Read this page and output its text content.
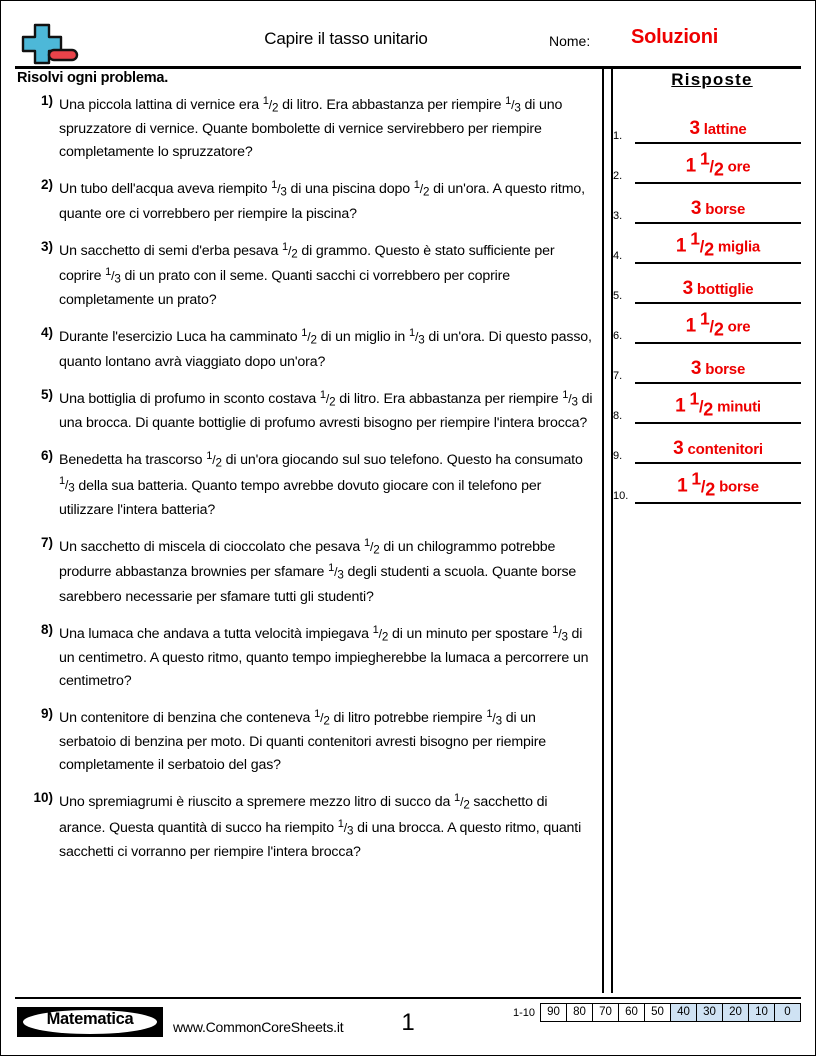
Capire il tasso unitario	Nome: Soluzioni
Risolvi ogni problema.	Risposte
1) Una piccola lattina di vernice era $^1$/2 di litro. Era abbastanza per riempire $^1$/3 di uno spruzzatore di vernice. Quante bombolette di vernice servirebbero per riempire completamente lo spruzzatore?
2) Un tubo dell'acqua aveva riempito $^1$/3 di una piscina dopo $^1$/2 di un'ora. A questo ritmo, quante ore ci vorrebbero per riempire la piscina?
3) Un sacchetto di semi d'erba pesava $^1$/2 di grammo. Questo è stato sufficiente per coprire $^1$/3 di un prato con il seme. Quanti sacchi ci vorrebbero per coprire completamente un prato?
4) Durante l'esercizio Luca ha camminato $^1$/2 di un miglio in $^1$/3 di un'ora. Di questo passo, quanto lontano avrà viaggiato dopo un'ora?
5) Una bottiglia di profumo in sconto costava $^1$/2 di litro. Era abbastanza per riempire $^1$/3 di una brocca. Di quante bottiglie di profumo avresti bisogno per riempire l'intera brocca?
6) Benedetta ha trascorso $^1$/2 di un'ora giocando sul suo telefono. Questo ha consumato $^1$/3 della sua batteria. Quanto tempo avrebbe dovuto giocare con il telefono per utilizzare l'intera batteria?
7) Un sacchetto di miscela di cioccolato che pesava $^1$/2 di un chilogrammo potrebbe produrre abbastanza brownies per sfamare $^1$/3 degli studenti a scuola. Quante borse sarebbero necessarie per sfamare tutti gli studenti?
8) Una lumaca che andava a tutta velocità impiegava $^1$/2 di un minuto per spostare $^1$/3 di un centimetro. A questo ritmo, quanto tempo impiegherebbe la lumaca a percorrere un centimetro?
9) Un contenitore di benzina che conteneva $^1$/2 di litro potrebbe riempire $^1$/3 di un serbatoio di benzina per moto. Di quanti contenitori avresti bisogno per riempire completamente il serbatoio del gas?
10) Uno spremiagrumi è riuscito a spremere mezzo litro di succo da $^1$/2 sacchetto di arance. Questa quantità di succo ha riempito $^1$/3 di una brocca. A questo ritmo, quanti sacchetti ci vorranno per riempire l'intera brocca?
1.	3 lattine
2.	1 1/2 ore
3.	3 borse
4.	1 1/2 miglia
5.	3 bottiglie
6.	1 1/2 ore
7.	3 borse
8.	1 1/2 minuti
9.	3 contenitori
10.	1 1/2 borse
Matematica	www.CommonCoreSheets.it	1	1-10	90	80	70	60	50	40	30	20	10	0
